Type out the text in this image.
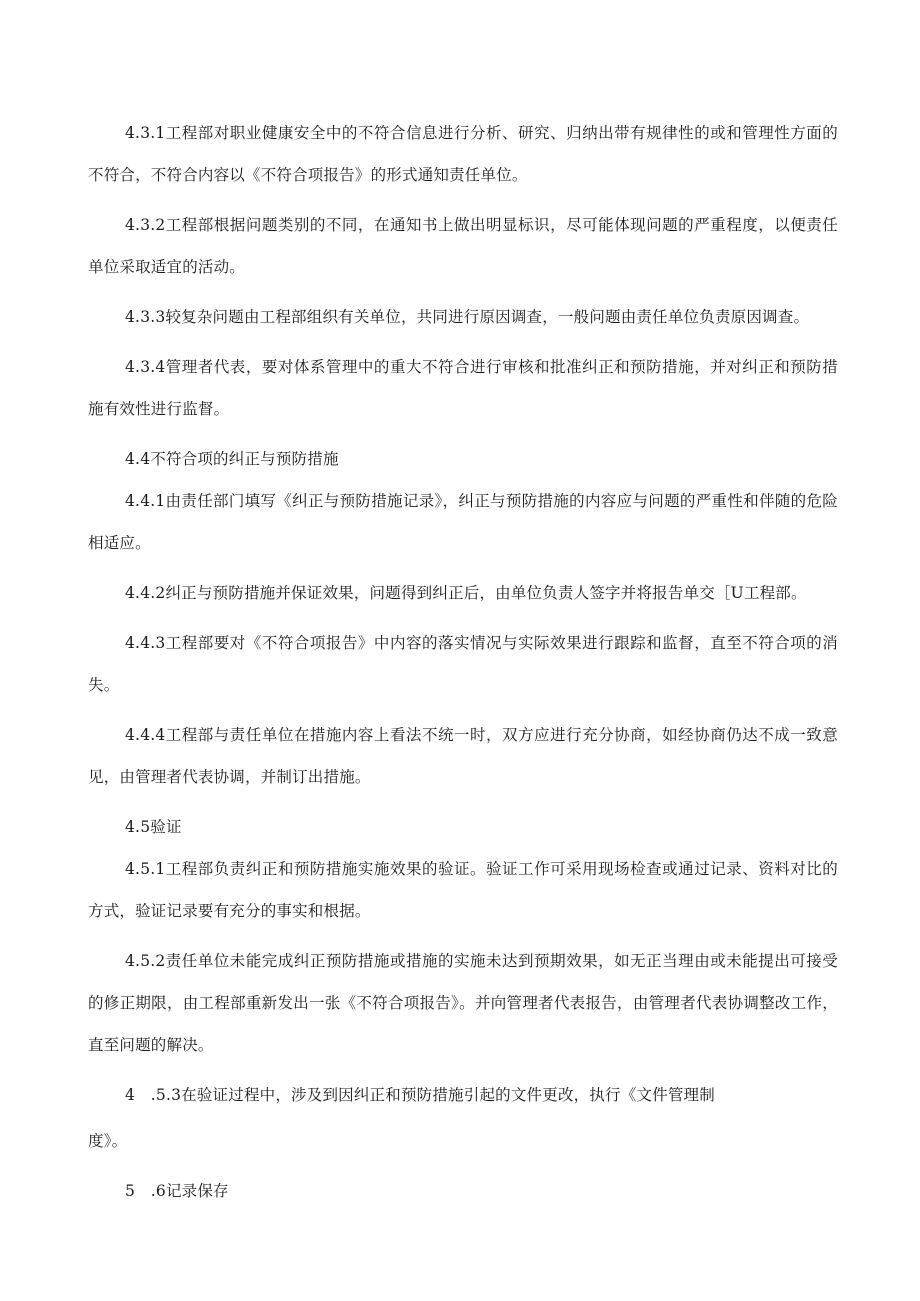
4.3.1工程部对职业健康安全中的不符合信息进行分析、研究、归纳出带有规律性的或和管理性方面的不符合，不符合内容以《不符合项报告》的形式通知责任单位。

4.3.2工程部根据问题类别的不同，在通知书上做出明显标识，尽可能体现问题的严重程度，以便责任单位采取适宜的活动。

4.3.3较复杂问题由工程部组织有关单位，共同进行原因调查，一般问题由责任单位负责原因调查。

4.3.4管理者代表，要对体系管理中的重大不符合进行审核和批准纠正和预防措施，并对纠正和预防措施有效性进行监督。

4.4不符合项的纠正与预防措施

4.4.1由责任部门填写《纠正与预防措施记录》，纠正与预防措施的内容应与问题的严重性和伴随的危险相适应。

4.4.2纠正与预防措施并保证效果，问题得到纠正后，由单位负责人签字并将报告单交［U工程部。

4.4.3工程部要对《不符合项报告》中内容的落实情况与实际效果进行跟踪和监督，直至不符合项的消失。

4.4.4工程部与责任单位在措施内容上看法不统一时，双方应进行充分协商，如经协商仍达不成一致意见，由管理者代表协调，并制订出措施。

4.5验证

4.5.1工程部负责纠正和预防措施实施效果的验证。验证工作可采用现场检查或通过记录、资料对比的方式，验证记录要有充分的事实和根据。

4.5.2责任单位未能完成纠正预防措施或措施的实施未达到预期效果，如无正当理由或未能提出可接受的修正期限，由工程部重新发出一张《不符合项报告》。并向管理者代表报告，由管理者代表协调整改工作，直至问题的解决。

4　.5.3在验证过程中，涉及到因纠正和预防措施引起的文件更改，执行《文件管理制

度》。

5　.6记录保存
